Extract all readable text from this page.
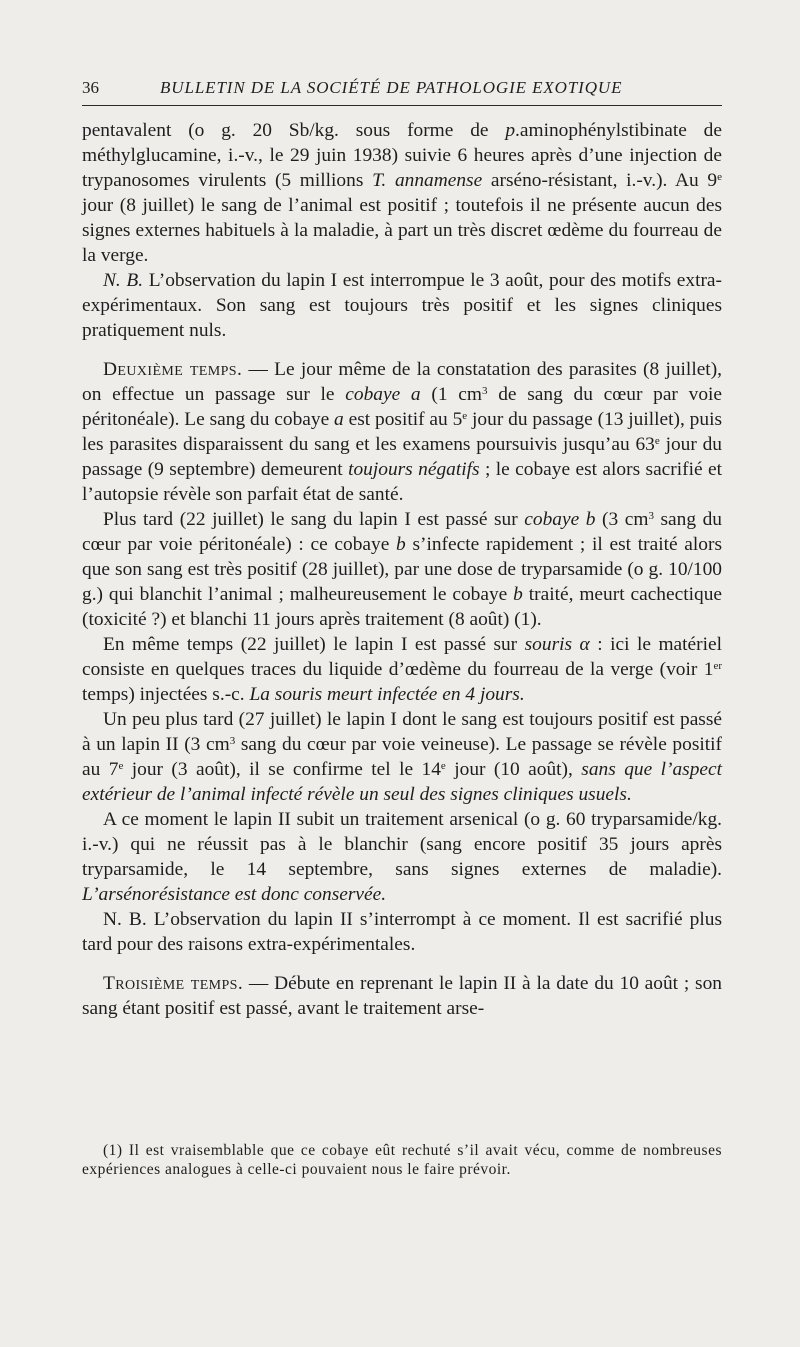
36	BULLETIN DE LA SOCIÉTÉ DE PATHOLOGIE EXOTIQUE

pentavalent (o g. 20 Sb/kg. sous forme de p.aminophénylstibinate de méthylglucamine, i.-v., le 29 juin 1938) suivie 6 heures après d’une injection de trypanosomes virulents (5 millions T. annamense arséno-résistant, i.-v.). Au 9e jour (8 juillet) le sang de l’animal est positif ; toutefois il ne présente aucun des signes externes habituels à la maladie, à part un très discret œdème du fourreau de la verge.

N. B. L’observation du lapin I est interrompue le 3 août, pour des motifs extra-expérimentaux. Son sang est toujours très positif et les signes cliniques pratiquement nuls.

Deuxième temps. — Le jour même de la constatation des parasites (8 juillet), on effectue un passage sur le cobaye a (1 $cm^3$ de sang du cœur par voie péritonéale). Le sang du cobaye a est positif au 5e jour du passage (13 juillet), puis les parasites disparaissent du sang et les examens poursuivis jusqu’au 63e jour du passage (9 septembre) demeurent toujours négatifs ; le cobaye est alors sacrifié et l’autopsie révèle son parfait état de santé.

Plus tard (22 juillet) le sang du lapin I est passé sur cobaye b (3 $cm^3$ sang du cœur par voie péritonéale) : ce cobaye b s’infecte rapidement ; il est traité alors que son sang est très positif (28 juillet), par une dose de tryparsamide (o g. 10/100 g.) qui blanchit l’animal ; malheureusement le cobaye b traité, meurt cachectique (toxicité ?) et blanchi 11 jours après traitement (8 août) (1).

En même temps (22 juillet) le lapin I est passé sur souris α : ici le matériel consiste en quelques traces du liquide d’œdème du fourreau de la verge (voir 1er temps) injectées s.-c. La souris meurt infectée en 4 jours.

Un peu plus tard (27 juillet) le lapin I dont le sang est toujours positif est passé à un lapin II (3 $cm^3$ sang du cœur par voie veineuse). Le passage se révèle positif au 7e jour (3 août), il se confirme tel le 14e jour (10 août), sans que l’aspect extérieur de l’animal infecté révèle un seul des signes cliniques usuels.

A ce moment le lapin II subit un traitement arsenical (o g. 60 tryparsamide/kg. i.-v.) qui ne réussit pas à le blanchir (sang encore positif 35 jours après tryparsamide, le 14 septembre, sans signes externes de maladie). L’arsénorésistance est donc conservée.

N. B. L’observation du lapin II s’interrompt à ce moment. Il est sacrifié plus tard pour des raisons extra-expérimentales.

Troisième temps. — Débute en reprenant le lapin II à la date du 10 août ; son sang étant positif est passé, avant le traitement arse-

(1) Il est vraisemblable que ce cobaye eût rechuté s’il avait vécu, comme de nombreuses expériences analogues à celle-ci pouvaient nous le faire prévoir.
